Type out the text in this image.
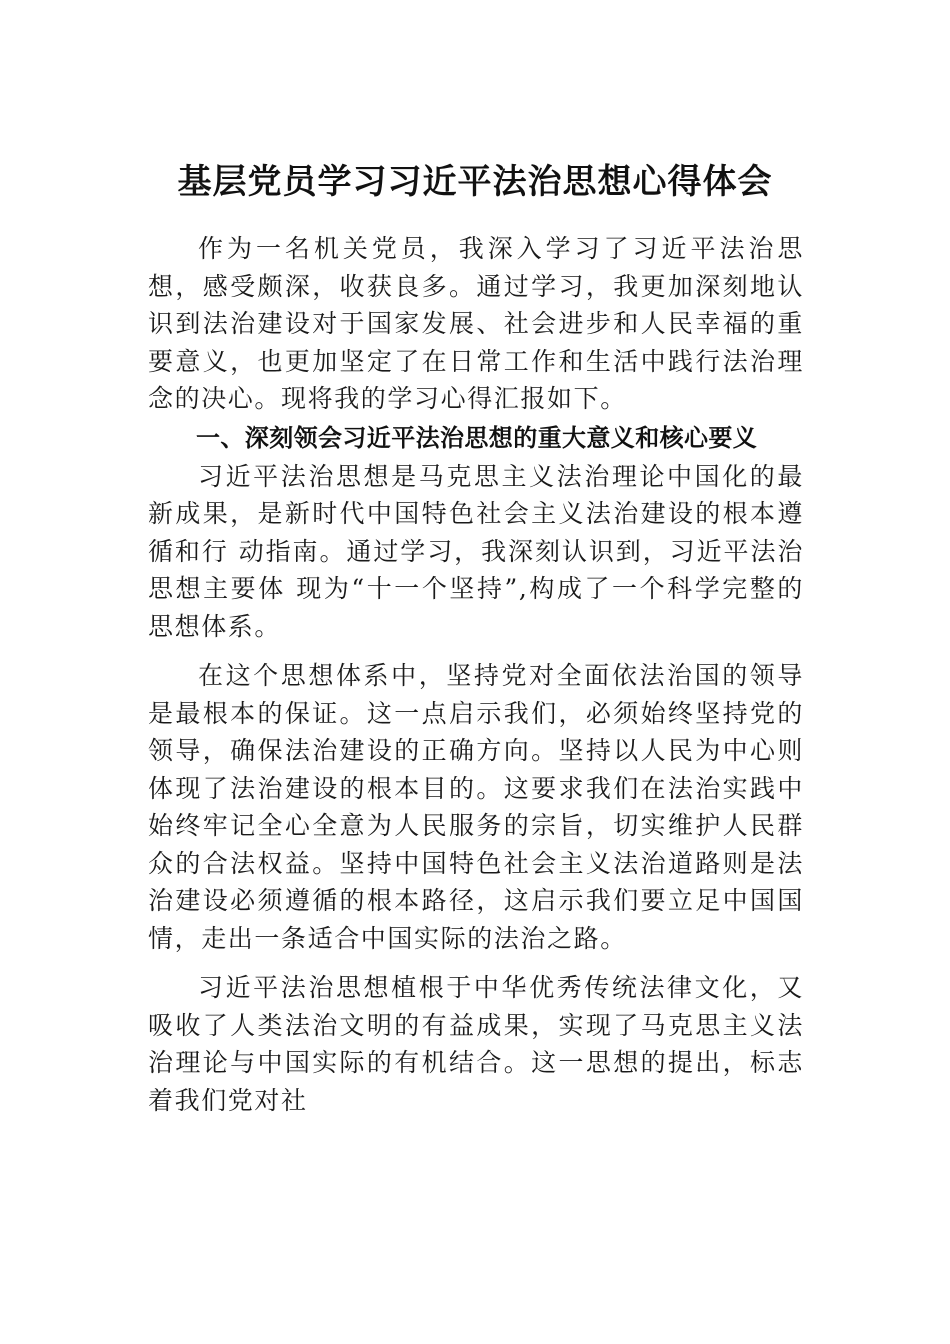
基层党员学习习近平法治思想心得体会

作为一名机关党员，我深入学习了习近平法治思想，感受颇深，收获良多。通过学习，我更加深刻地认识到法治建设对于国家发展、社会进步和人民幸福的重要意义，也更加坚定了在日常工作和生活中践行法治理念的决心。现将我的学习心得汇报如下。

一、深刻领会习近平法治思想的重大意义和核心要义

习近平法治思想是马克思主义法治理论中国化的最新成果，是新时代中国特色社会主义法治建设的根本遵循和行 动指南。通过学习，我深刻认识到，习近平法治思想主要体 现为“十一个坚持”,构成了一个科学完整的思想体系。

在这个思想体系中，坚持党对全面依法治国的领导是最根本的保证。这一点启示我们，必须始终坚持党的领导，确保法治建设的正确方向。坚持以人民为中心则体现了法治建设的根本目的。这要求我们在法治实践中始终牢记全心全意为人民服务的宗旨，切实维护人民群众的合法权益。坚持中国特色社会主义法治道路则是法治建设必须遵循的根本路径，这启示我们要立足中国国情，走出一条适合中国实际的法治之路。

习近平法治思想植根于中华优秀传统法律文化，又吸收了人类法治文明的有益成果，实现了马克思主义法治理论与中国实际的有机结合。这一思想的提出，标志着我们党对社
